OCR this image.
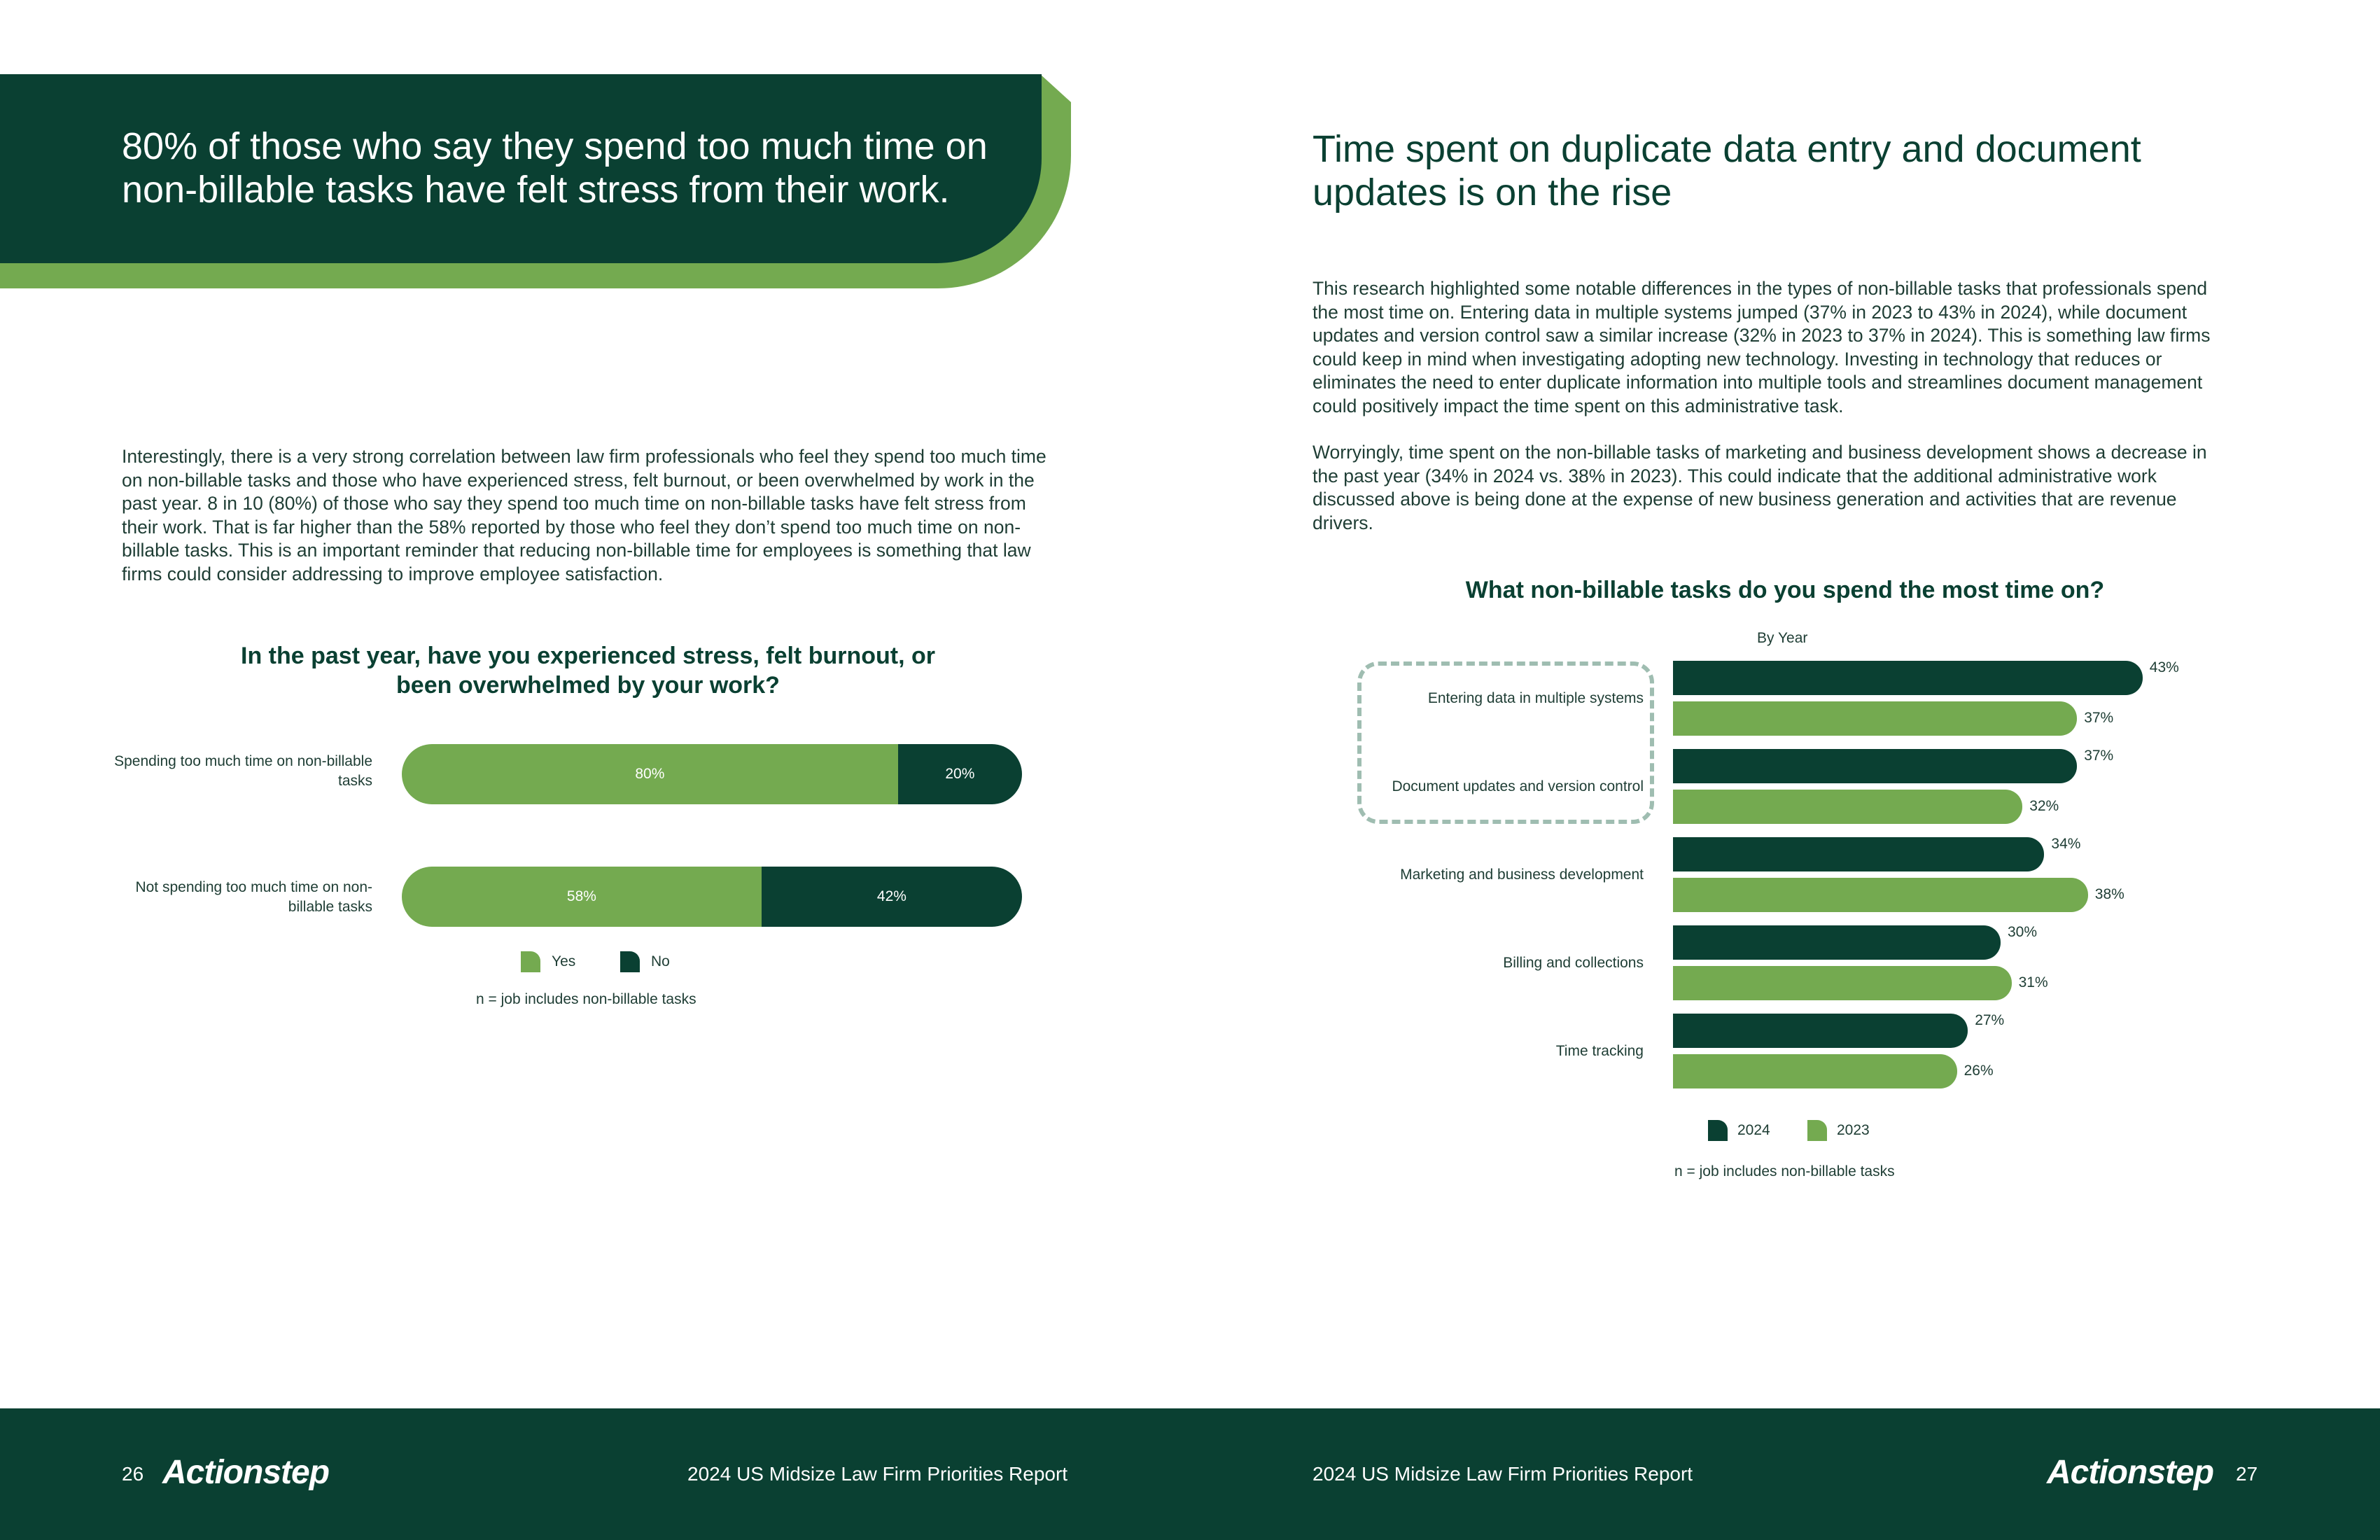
80% of those who say they spend too much time on non-billable tasks have felt stress from their work.
Interestingly, there is a very strong correlation between law firm professionals who feel they spend too much time on non-billable tasks and those who have experienced stress, felt burnout, or been overwhelmed by work in the past year. 8 in 10 (80%) of those who say they spend too much time on non-billable tasks have felt stress from their work. That is far higher than the 58% reported by those who feel they don’t spend too much time on non-billable tasks. This is an important reminder that reducing non-billable time for employees is something that law firms could consider addressing to improve employee satisfaction.
In the past year, have you experienced stress, felt burnout, or been overwhelmed by your work?
Spending too much time on non-billable tasks	80%	20%
Not spending too much time on non-billable tasks
58%	42%
Yes	No
n = job includes non-billable tasks
Time spent on duplicate data entry and document updates is on the rise
This research highlighted some notable differences in the types of non-billable tasks that professionals spend the most time on. Entering data in multiple systems jumped (37% in 2023 to 43% in 2024), while document updates and version control saw a similar increase (32% in 2023 to 37% in 2024). This is something law firms could keep in mind when investigating adopting new technology. Investing in technology that reduces or eliminates the need to enter duplicate information into multiple tools and streamlines document management could positively impact the time spent on this administrative task.
Worryingly, time spent on the non-billable tasks of marketing and business development shows a decrease in the past year (34% in 2024 vs. 38% in 2023). This could indicate that the additional administrative work discussed above is being done at the expense of new business generation and activities that are revenue drivers.
What non-billable tasks do you spend the most time on?
By Year
Entering data in multiple systems
43%
37%
Document updates and version control
37%
32%
Marketing and business development
34%
38%
Billing and collections
30%
31%
Time tracking
27%
26%
2024	2023
n = job includes non-billable tasks
26 Actionstep	2024 US Midsize Law Firm Priorities Report	2024 US Midsize Law Firm Priorities Report	Actionstep 27
